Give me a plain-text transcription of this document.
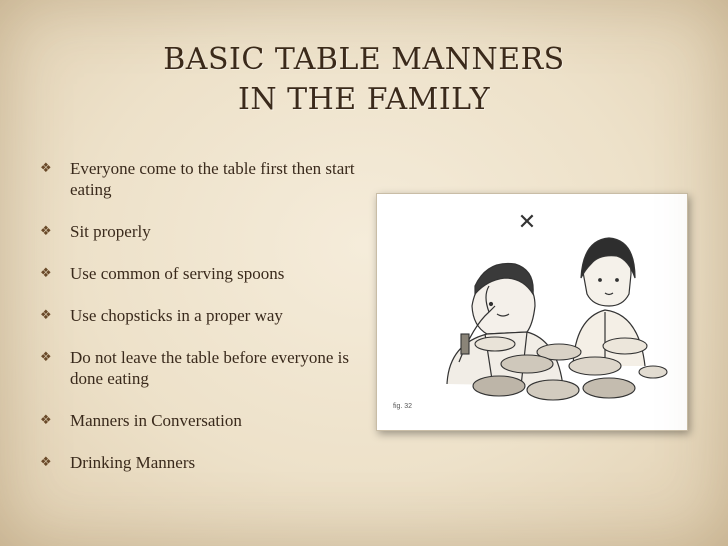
BASIC TABLE MANNERS
IN THE FAMILY
❖ Everyone come to the table first then start eating
❖ Sit properly
❖ Use common of serving spoons
❖ Use chopsticks in a proper way
❖ Do not leave the table before everyone is done eating
❖ Manners in Conversation
❖ Drinking Manners
✕
fig. 32
